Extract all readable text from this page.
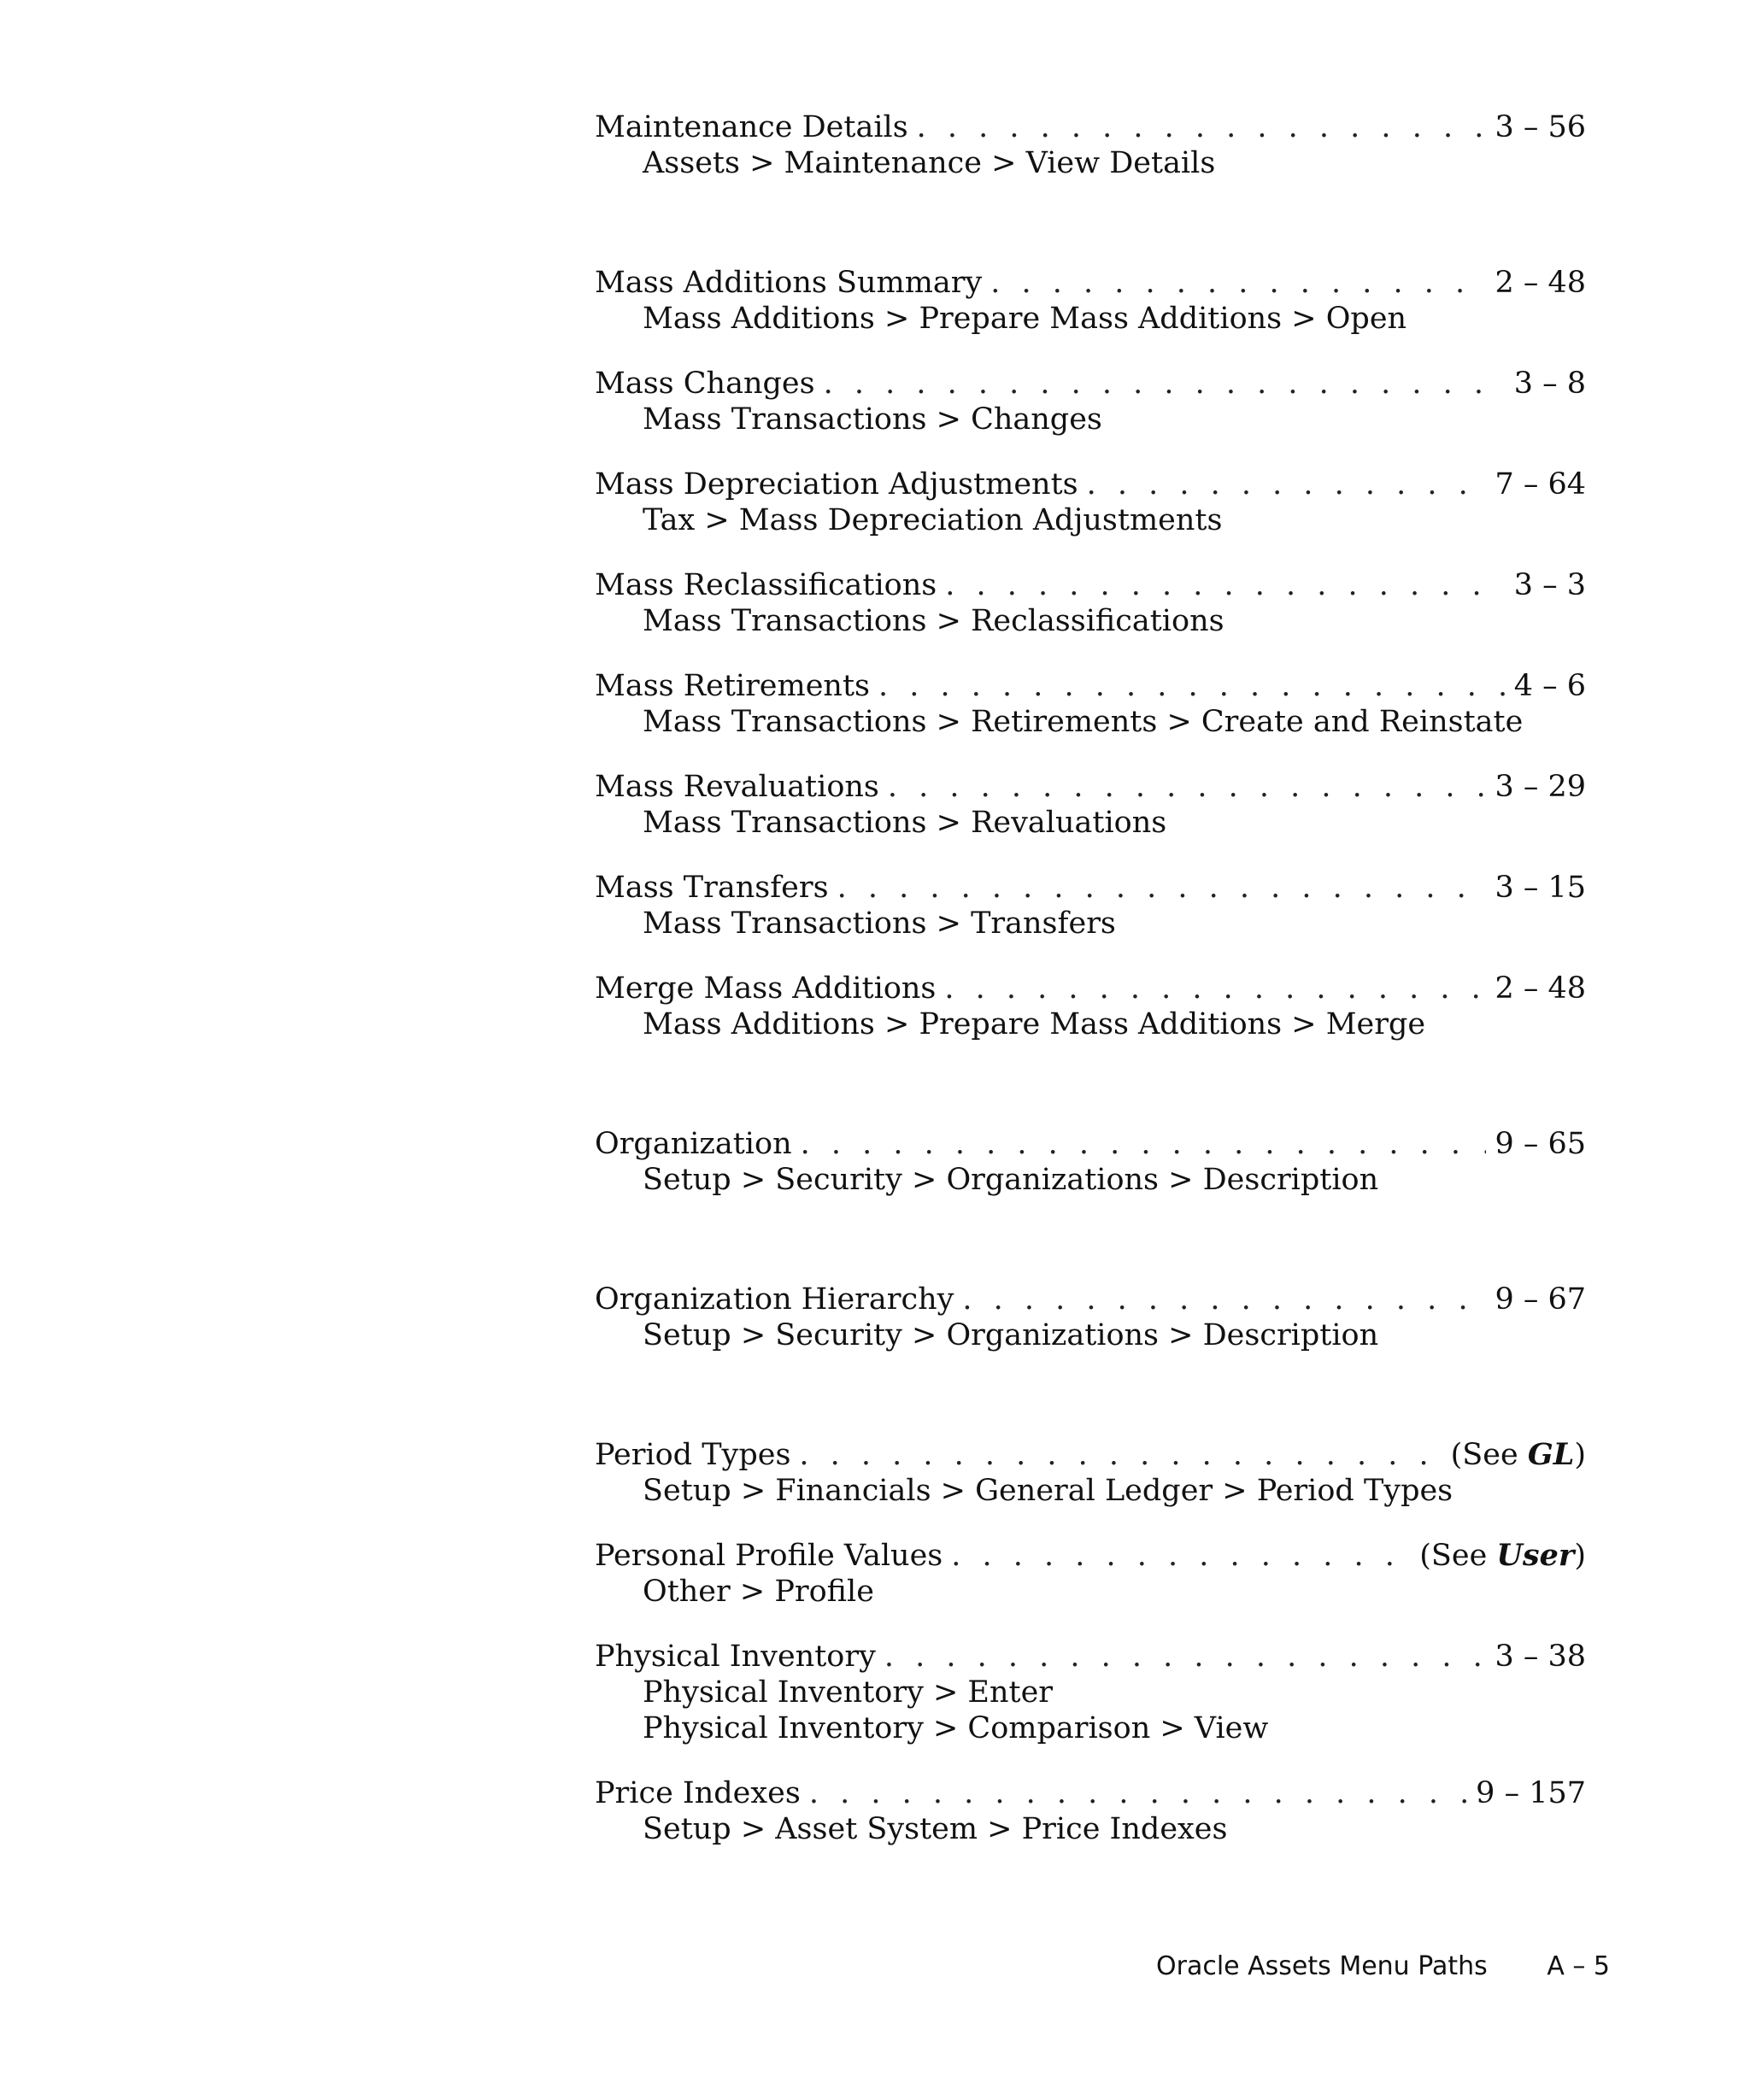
Maintenance Details . . .	3 – 56
Assets > Maintenance > View Details
Mass Additions Summary . . .	2 – 48
Mass Additions > Prepare Mass Additions > Open
Mass Changes . . .	3 – 8
Mass Transactions > Changes
Mass Depreciation Adjustments . . .	7 – 64
Tax > Mass Depreciation Adjustments
Mass Reclassifications . . .	3 – 3
Mass Transactions > Reclassifications
Mass Retirements . . .	4 – 6
Mass Transactions > Retirements > Create and Reinstate
Mass Revaluations . . .	3 – 29
Mass Transactions > Revaluations
Mass Transfers . . .	3 – 15
Mass Transactions > Transfers
Merge Mass Additions . . .	2 – 48
Mass Additions > Prepare Mass Additions > Merge
Organization . . .	9 – 65
Setup > Security > Organizations > Description
Organization Hierarchy . . .	9 – 67
Setup > Security > Organizations > Description
Period Types . . .	(See GL)
Setup > Financials > General Ledger > Period Types
Personal Profile Values . . .	(See User)
Other > Profile
Physical Inventory . . .	3 – 38
Physical Inventory > Enter
Physical Inventory > Comparison > View
Price Indexes . . .	9 – 157
Setup > Asset System > Price Indexes
Oracle Assets Menu Paths A – 5
